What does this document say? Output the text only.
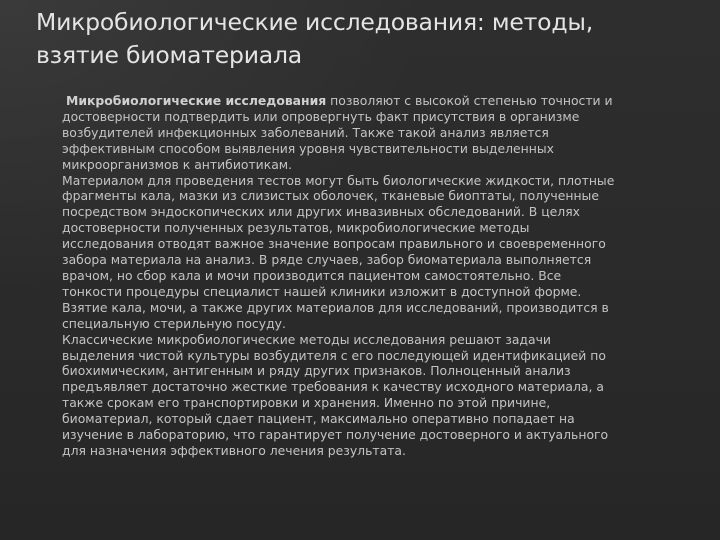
Микробиологические исследования: методы,
взятие биоматериала
Микробиологические исследования позволяют с высокой степенью точности и
достоверности подтвердить или опровергнуть факт присутствия в организме
возбудителей инфекционных заболеваний. Также такой анализ является
эффективным способом выявления уровня чувствительности выделенных
микроорганизмов к антибиотикам.
Материалом для проведения тестов могут быть биологические жидкости, плотные
фрагменты кала, мазки из слизистых оболочек, тканевые биоптаты, полученные
посредством эндоскопических или других инвазивных обследований. В целях
достоверности полученных результатов, микробиологические методы
исследования отводят важное значение вопросам правильного и своевременного
забора материала на анализ. В ряде случаев, забор биоматериала выполняется
врачом, но сбор кала и мочи производится пациентом самостоятельно. Все
тонкости процедуры специалист нашей клиники изложит в доступной форме.
Взятие кала, мочи, а также других материалов для исследований, производится в
специальную стерильную посуду.
Классические микробиологические методы исследования решают задачи
выделения чистой культуры возбудителя с его последующей идентификацией по
биохимическим, антигенным и ряду других признаков. Полноценный анализ
предъявляет достаточно жесткие требования к качеству исходного материала, а
также срокам его транспортировки и хранения. Именно по этой причине,
биоматериал, который сдает пациент, максимально оперативно попадает на
изучение в лабораторию, что гарантирует получение достоверного и актуального
для назначения эффективного лечения результата.
